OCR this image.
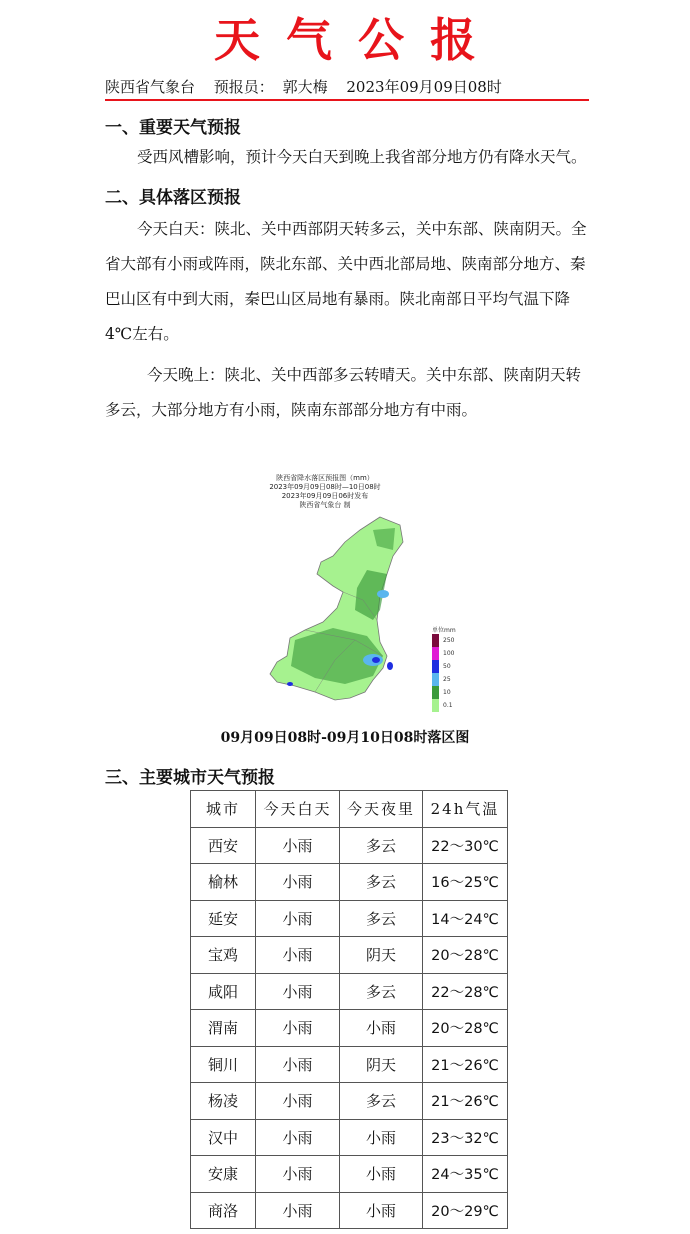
天气公报
陕西省气象台 预报员： 郭大梅 2023年09月09日08时
一、重要天气预报
受西风槽影响，预计今天白天到晚上我省部分地方仍有降水天气。
二、具体落区预报
今天白天：陕北、关中西部阴天转多云，关中东部、陕南阴天。全省大部有小雨或阵雨，陕北东部、关中西北部局地、陕南部分地方、秦巴山区有中到大雨，秦巴山区局地有暴雨。陕北南部日平均气温下降4℃左右。
今天晚上：陕北、关中西部多云转晴天。关中东部、陕南阴天转多云，大部分地方有小雨，陕南东部部分地方有中雨。
陕西省降水落区预报图（mm）
2023年09月09日08时—10日08时
2023年09月09日06时发布
陕西省气象台 制
单位mm
250
100
50
25
10
0.1
09月09日08时-09月10日08时落区图
三、主要城市天气预报
城市	今天白天	今天夜里	24h气温
西安	小雨	多云	22～30℃
榆林	小雨	多云	16～25℃
延安	小雨	多云	14～24℃
宝鸡	小雨	阴天	20～28℃
咸阳	小雨	多云	22～28℃
渭南	小雨	小雨	20～28℃
铜川	小雨	阴天	21～26℃
杨凌	小雨	多云	21～26℃
汉中	小雨	小雨	23～32℃
安康	小雨	小雨	24～35℃
商洛	小雨	小雨	20～29℃
